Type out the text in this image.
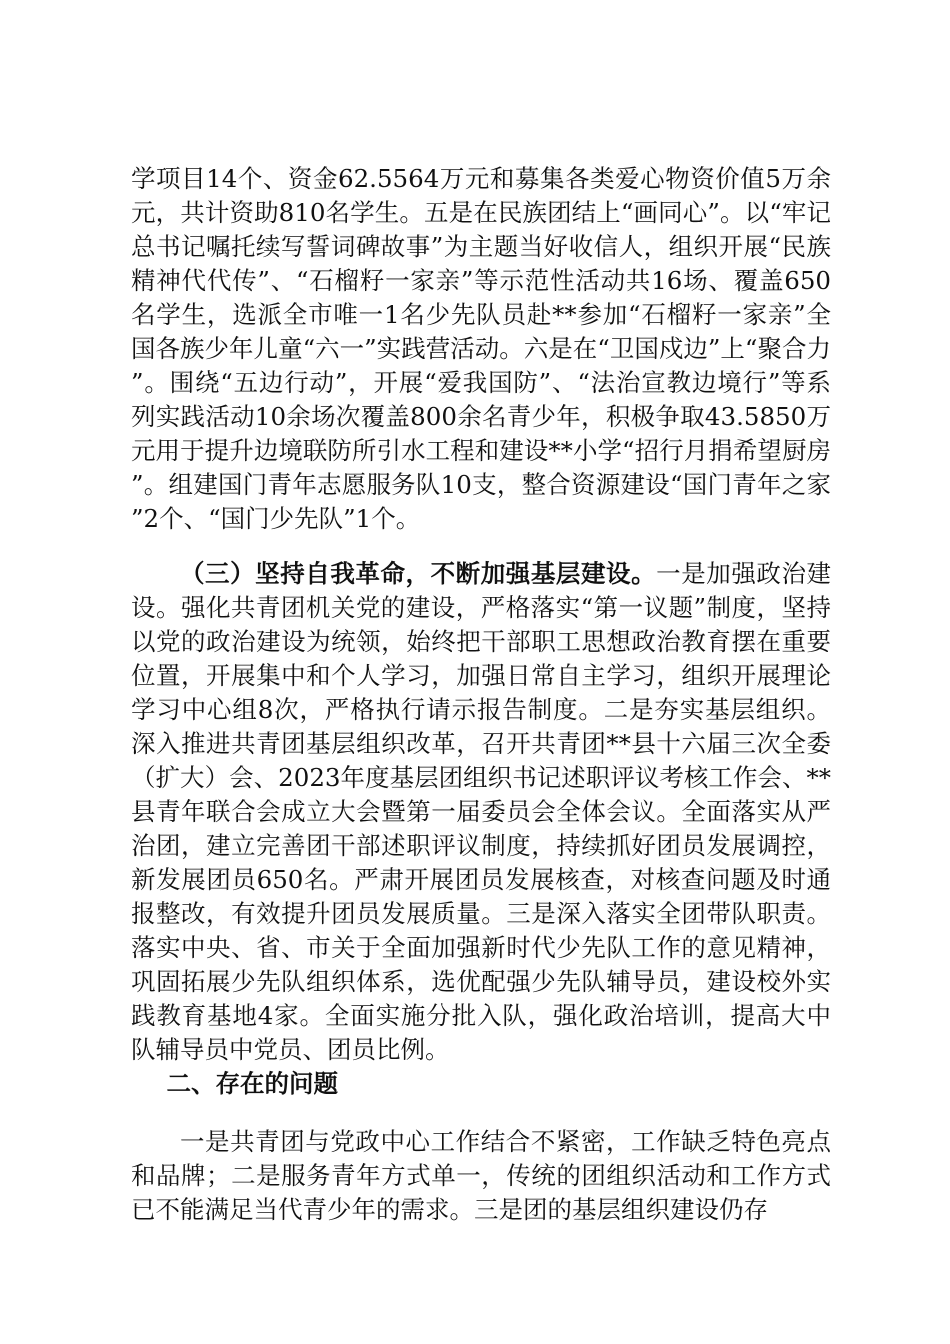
学项目14个、资金62.5564万元和募集各类爱心物资价值5万余元，共计资助810名学生。五是在民族团结上“画同心”。以“牢记总书记嘱托续写誓词碑故事”为主题当好收信人，组织开展“民族精神代代传”、“石榴籽一家亲”等示范性活动共16场、覆盖650名学生，选派全市唯一1名少先队员赴**参加“石榴籽一家亲”全国各族少年儿童“六一”实践营活动。六是在“卫国戍边”上“聚合力”。围绕“五边行动”，开展“爱我国防”、“法治宣教边境行”等系列实践活动10余场次覆盖800余名青少年，积极争取43.5850万元用于提升边境联防所引水工程和建设**小学“招行月捐希望厨房”。组建国门青年志愿服务队10支，整合资源建设“国门青年之家”2个、“国门少先队”1个。

（三）坚持自我革命，不断加强基层建设。一是加强政治建设。强化共青团机关党的建设，严格落实“第一议题”制度，坚持以党的政治建设为统领，始终把干部职工思想政治教育摆在重要位置，开展集中和个人学习，加强日常自主学习，组织开展理论学习中心组8次，严格执行请示报告制度。二是夯实基层组织。深入推进共青团基层组织改革，召开共青团**县十六届三次全委（扩大）会、2023年度基层团组织书记述职评议考核工作会、**县青年联合会成立大会暨第一届委员会全体会议。全面落实从严治团，建立完善团干部述职评议制度，持续抓好团员发展调控，新发展团员650名。严肃开展团员发展核查，对核查问题及时通报整改，有效提升团员发展质量。三是深入落实全团带队职责。落实中央、省、市关于全面加强新时代少先队工作的意见精神，巩固拓展少先队组织体系，选优配强少先队辅导员，建设校外实践教育基地4家。全面实施分批入队，强化政治培训，提高大中队辅导员中党员、团员比例。

二、存在的问题

一是共青团与党政中心工作结合不紧密，工作缺乏特色亮点和品牌；二是服务青年方式单一，传统的团组织活动和工作方式已不能满足当代青少年的需求。三是团的基层组织建设仍存
